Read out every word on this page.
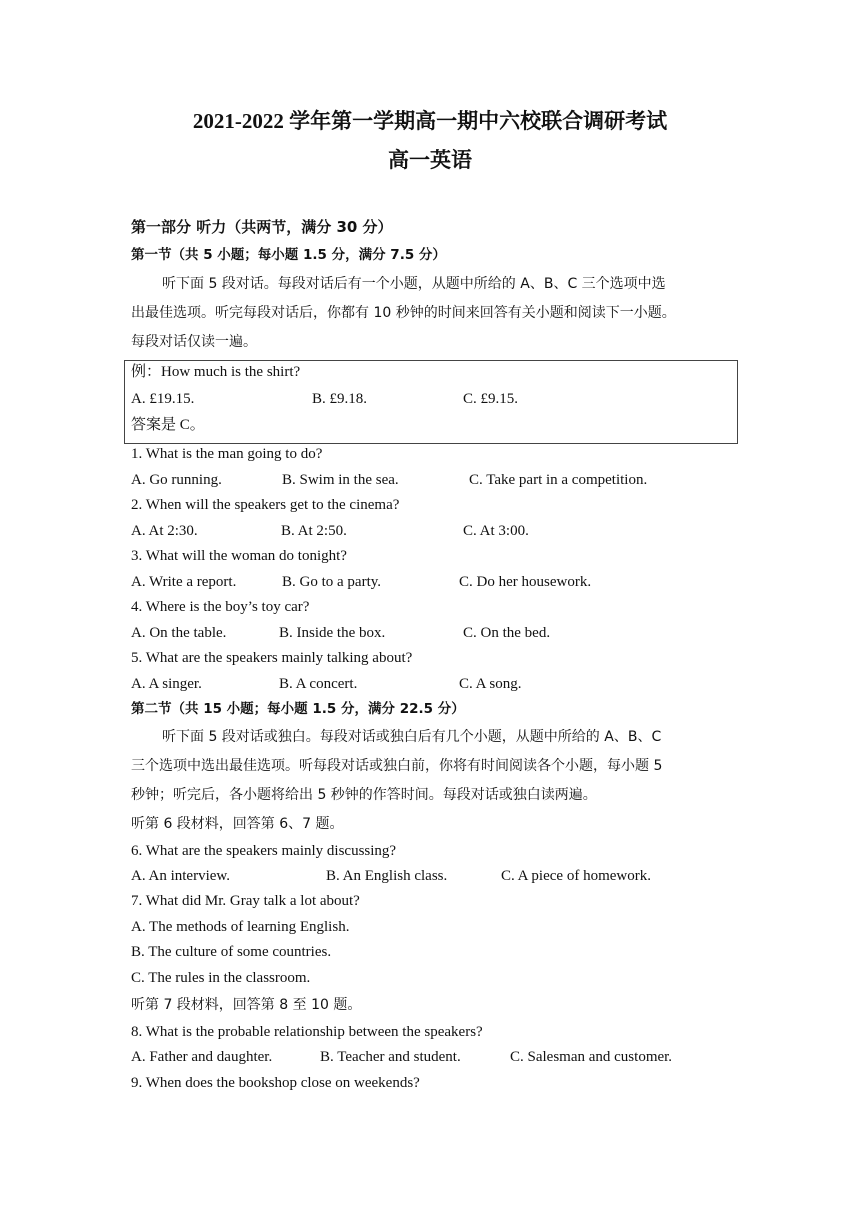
2021-2022 学年第一学期高一期中六校联合调研考试
高一英语
第一部分 听力（共两节，满分 30 分）
第一节（共 5 小题；每小题 1.5 分，满分 7.5 分）
听下面 5 段对话。每段对话后有一个小题，从题中所给的 A、B、C 三个选项中选
出最佳选项。听完每段对话后，你都有 10 秒钟的时间来回答有关小题和阅读下一小题。
每段对话仅读一遍。
例：How much is the shirt?
A. £19.15.	B. £9.18.	C. £9.15.
答案是 C。
1. What is the man going to do?
A. Go running.	B. Swim in the sea.	C. Take part in a competition.
2. When will the speakers get to the cinema?
A. At 2:30.	B. At 2:50.	C. At 3:00.
3. What will the woman do tonight?
A. Write a report.	B. Go to a party.	C. Do her housework.
4. Where is the boy’s toy car?
A. On the table.	B. Inside the box.	C. On the bed.
5. What are the speakers mainly talking about?
A. A singer.	B. A concert.	C. A song.
第二节（共 15 小题；每小题 1.5 分，满分 22.5 分）
听下面 5 段对话或独白。每段对话或独白后有几个小题，从题中所给的 A、B、C
三个选项中选出最佳选项。听每段对话或独白前，你将有时间阅读各个小题，每小题 5
秒钟；听完后，各小题将给出 5 秒钟的作答时间。每段对话或独白读两遍。
听第 6 段材料，回答第 6、7 题。
6. What are the speakers mainly discussing?
A. An interview.	B. An English class.	C. A piece of homework.
7. What did Mr. Gray talk a lot about?
A. The methods of learning English.
B. The culture of some countries.
C. The rules in the classroom.
听第 7 段材料，回答第 8 至 10 题。
8. What is the probable relationship between the speakers?
A. Father and daughter.	B. Teacher and student.	C. Salesman and customer.
9. When does the bookshop close on weekends?
